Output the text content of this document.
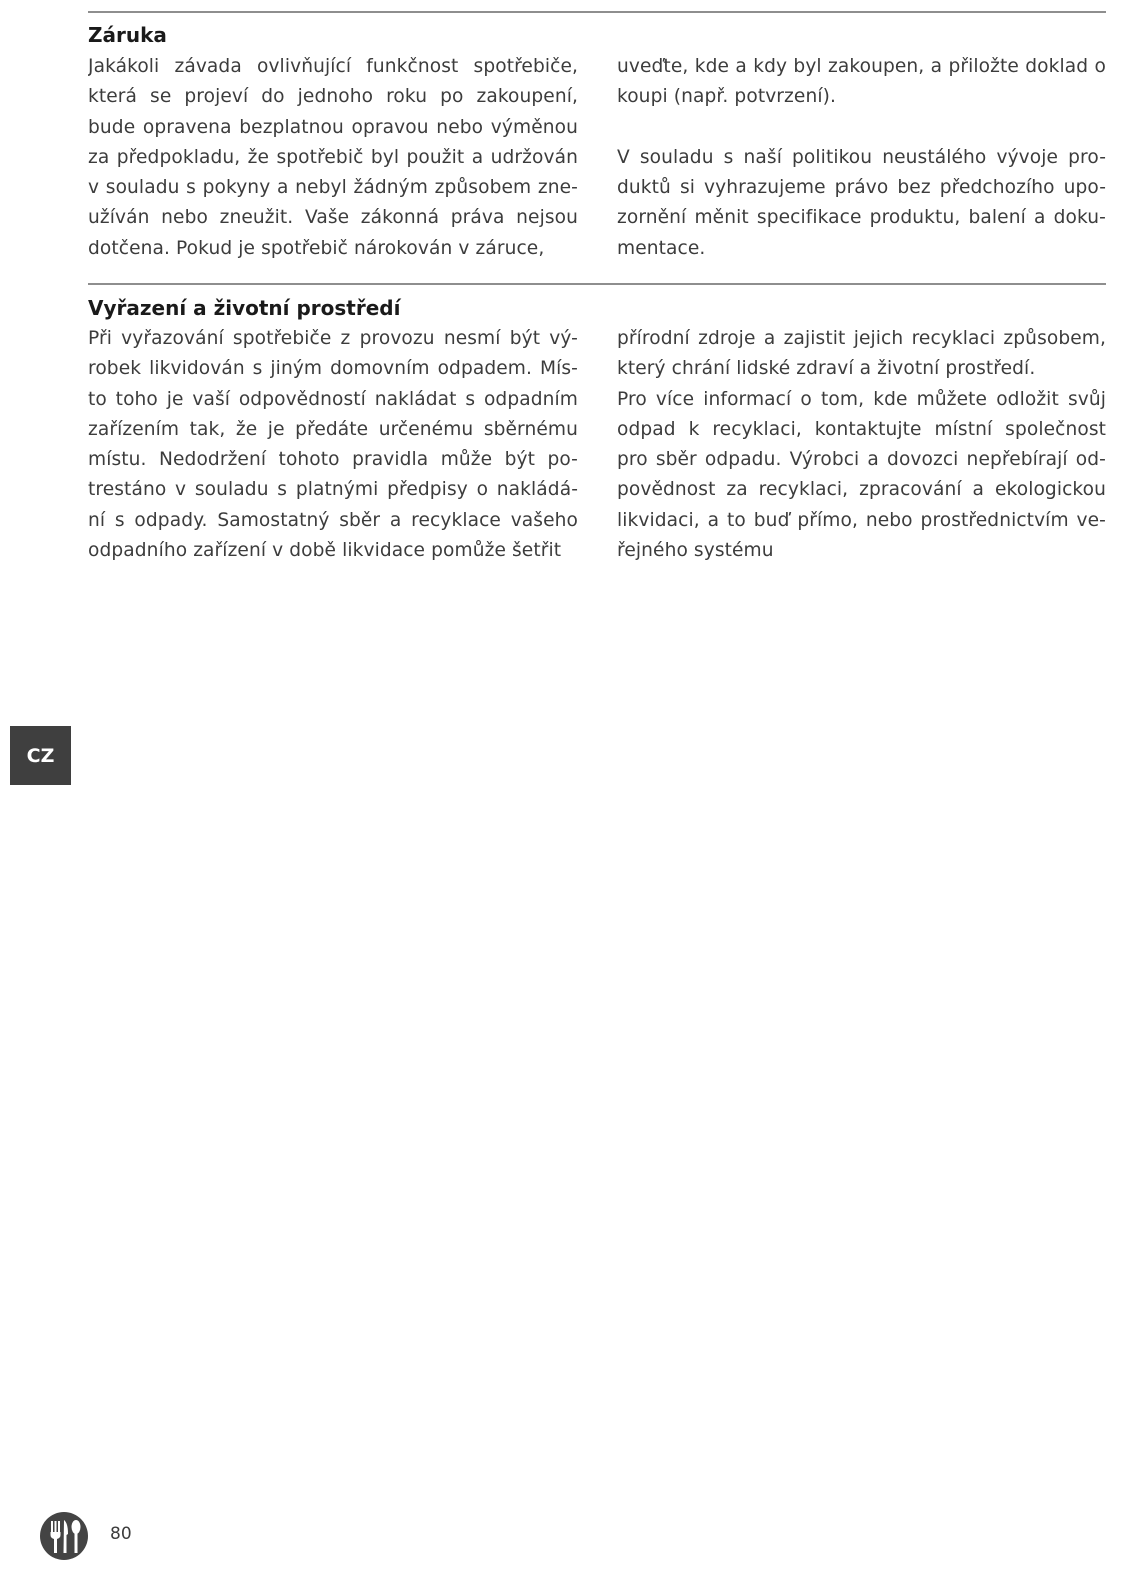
Záruka
Jakákoli závada ovlivňující funkčnost spotřebiče,
která se projeví do jednoho roku po zakoupení,
bude opravena bezplatnou opravou nebo výměnou
za předpokladu, že spotřebič byl použit a udržován
v souladu s pokyny a nebyl žádným způsobem zne-
užíván nebo zneužit. Vaše zákonná práva nejsou
dotčena. Pokud je spotřebič nárokován v záruce,
uveďte, kde a kdy byl zakoupen, a přiložte doklad o
koupi (např. potvrzení).
V souladu s naší politikou neustálého vývoje pro-
duktů si vyhrazujeme právo bez předchozího upo-
zornění měnit specifikace produktu, balení a doku-
mentace.
Vyřazení a životní prostředí
Při vyřazování spotřebiče z provozu nesmí být vý-
robek likvidován s jiným domovním odpadem. Mís-
to toho je vaší odpovědností nakládat s odpadním
zařízením tak, že je předáte určenému sběrnému
místu. Nedodržení tohoto pravidla může být po-
trestáno v souladu s platnými předpisy o nakládá-
ní s odpady. Samostatný sběr a recyklace vašeho
odpadního zařízení v době likvidace pomůže šetřit
přírodní zdroje a zajistit jejich recyklaci způsobem,
který chrání lidské zdraví a životní prostředí.
Pro více informací o tom, kde můžete odložit svůj
odpad k recyklaci, kontaktujte místní společnost
pro sběr odpadu. Výrobci a dovozci nepřebírají od-
povědnost za recyklaci, zpracování a ekologickou
likvidaci, a to buď přímo, nebo prostřednictvím ve-
řejného systému
CZ
80
